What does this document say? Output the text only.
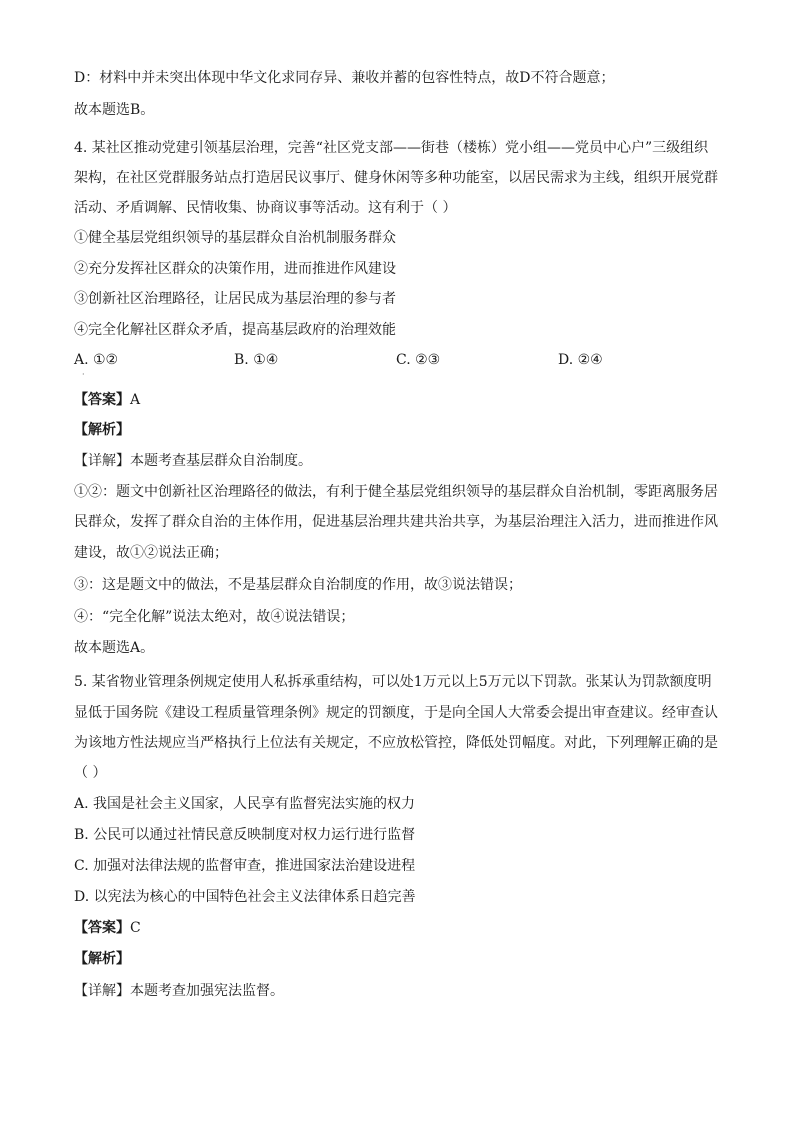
D：材料中并未突出体现中华文化求同存异、兼收并蓄的包容性特点，故D不符合题意；
故本题选B。
4. 某社区推动党建引领基层治理，完善“社区党支部——街巷（楼栋）党小组——党员中心户”三级组织
架构，在社区党群服务站点打造居民议事厅、健身休闲等多种功能室，以居民需求为主线，组织开展党群
活动、矛盾调解、民情收集、协商议事等活动。这有利于（ ）
①健全基层党组织领导的基层群众自治机制服务群众
②充分发挥社区群众的决策作用，进而推进作风建设
③创新社区治理路径，让居民成为基层治理的参与者
④完全化解社区群众矛盾，提高基层政府的治理效能
A. ①②	B. ①④	C. ②③	D. ②④
·
【答案】A
【解析】
【详解】本题考查基层群众自治制度。
①②：题文中创新社区治理路径的做法，有利于健全基层党组织领导的基层群众自治机制，零距离服务居
民群众，发挥了群众自治的主体作用，促进基层治理共建共治共享，为基层治理注入活力，进而推进作风
建设，故①②说法正确；
③：这是题文中的做法，不是基层群众自治制度的作用，故③说法错误；
④：“完全化解”说法太绝对，故④说法错误；
故本题选A。
5. 某省物业管理条例规定使用人私拆承重结构，可以处1万元以上5万元以下罚款。张某认为罚款额度明
显低于国务院《建设工程质量管理条例》规定的罚额度，于是向全国人大常委会提出审查建议。经审查认
为该地方性法规应当严格执行上位法有关规定，不应放松管控，降低处罚幅度。对此，下列理解正确的是
（ ）
A. 我国是社会主义国家，人民享有监督宪法实施的权力
B. 公民可以通过社情民意反映制度对权力运行进行监督
C. 加强对法律法规的监督审查，推进国家法治建设进程
D. 以宪法为核心的中国特色社会主义法律体系日趋完善
【答案】C
【解析】
【详解】本题考查加强宪法监督。
